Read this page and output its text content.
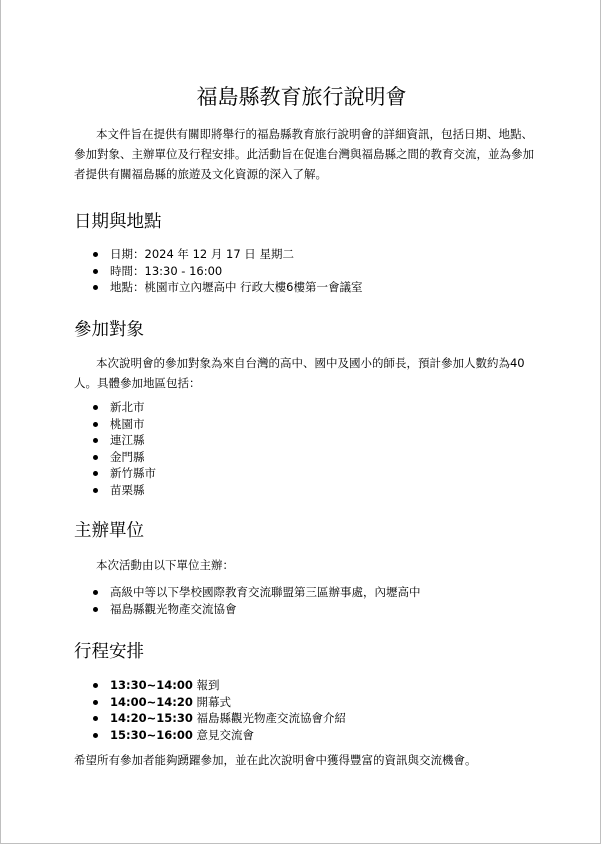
福島縣教育旅行說明會

本文件旨在提供有關即將舉行的福島縣教育旅行說明會的詳細資訊，包括日期、地點、參加對象、主辦單位及行程安排。此活動旨在促進台灣與福島縣之間的教育交流，並為參加者提供有關福島縣的旅遊及文化資源的深入了解。

日期與地點
日期：2024 年 12 月 17 日 星期二
時間：13:30 - 16:00
地點：桃園市立內壢高中 行政大樓6樓第一會議室
參加對象

本次說明會的參加對象為來自台灣的高中、國中及國小的師長，預計參加人數約為40人。具體參加地區包括：

新北市
桃園市
連江縣
金門縣
新竹縣市
苗栗縣
主辦單位

本次活動由以下單位主辦：

高級中等以下學校國際教育交流聯盟第三區辦事處，內壢高中
福島縣觀光物產交流協會
行程安排
13:30~14:00 報到
14:00~14:20 開幕式
14:20~15:30 福島縣觀光物產交流協會介紹
15:30~16:00 意見交流會

希望所有參加者能夠踴躍參加，並在此次說明會中獲得豐富的資訊與交流機會。
